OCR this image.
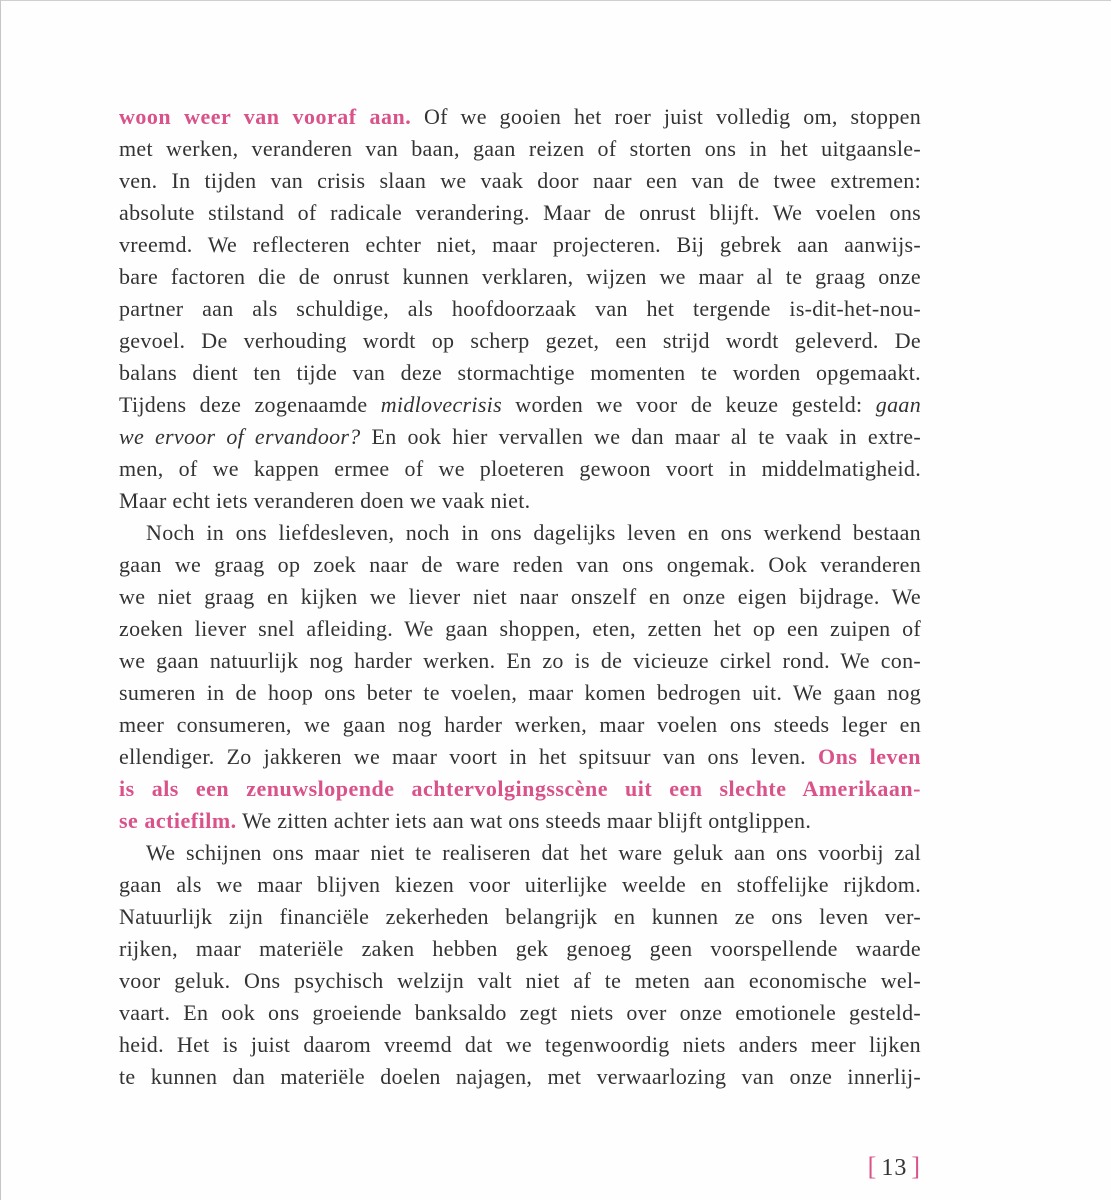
woon weer van vooraf aan. Of we gooien het roer juist volledig om, stoppen
met werken, veranderen van baan, gaan reizen of storten ons in het uitgaansle-
ven. In tijden van crisis slaan we vaak door naar een van de twee extremen:
absolute stilstand of radicale verandering. Maar de onrust blijft. We voelen ons
vreemd. We reflecteren echter niet, maar projecteren. Bij gebrek aan aanwijs-
bare factoren die de onrust kunnen verklaren, wijzen we maar al te graag onze
partner aan als schuldige, als hoofdoorzaak van het tergende is-dit-het-nou-
gevoel. De verhouding wordt op scherp gezet, een strijd wordt geleverd. De
balans dient ten tijde van deze stormachtige momenten te worden opgemaakt.
Tijdens deze zogenaamde midlovecrisis worden we voor de keuze gesteld: gaan
we ervoor of ervandoor? En ook hier vervallen we dan maar al te vaak in extre-
men, of we kappen ermee of we ploeteren gewoon voort in middelmatigheid.
Maar echt iets veranderen doen we vaak niet.
Noch in ons liefdesleven, noch in ons dagelijks leven en ons werkend bestaan
gaan we graag op zoek naar de ware reden van ons ongemak. Ook veranderen
we niet graag en kijken we liever niet naar onszelf en onze eigen bijdrage. We
zoeken liever snel afleiding. We gaan shoppen, eten, zetten het op een zuipen of
we gaan natuurlijk nog harder werken. En zo is de vicieuze cirkel rond. We con-
sumeren in de hoop ons beter te voelen, maar komen bedrogen uit. We gaan nog
meer consumeren, we gaan nog harder werken, maar voelen ons steeds leger en
ellendiger. Zo jakkeren we maar voort in het spitsuur van ons leven. Ons leven
is als een zenuwslopende achtervolgingsscène uit een slechte Amerikaan-
se actiefilm. We zitten achter iets aan wat ons steeds maar blijft ontglippen.
We schijnen ons maar niet te realiseren dat het ware geluk aan ons voorbij zal
gaan als we maar blijven kiezen voor uiterlijke weelde en stoffelijke rijkdom.
Natuurlijk zijn financiële zekerheden belangrijk en kunnen ze ons leven ver-
rijken, maar materiële zaken hebben gek genoeg geen voorspellende waarde
voor geluk. Ons psychisch welzijn valt niet af te meten aan economische wel-
vaart. En ook ons groeiende banksaldo zegt niets over onze emotionele gesteld-
heid. Het is juist daarom vreemd dat we tegenwoordig niets anders meer lijken
te kunnen dan materiële doelen najagen, met verwaarlozing van onze innerlij-
[ 13 ]
